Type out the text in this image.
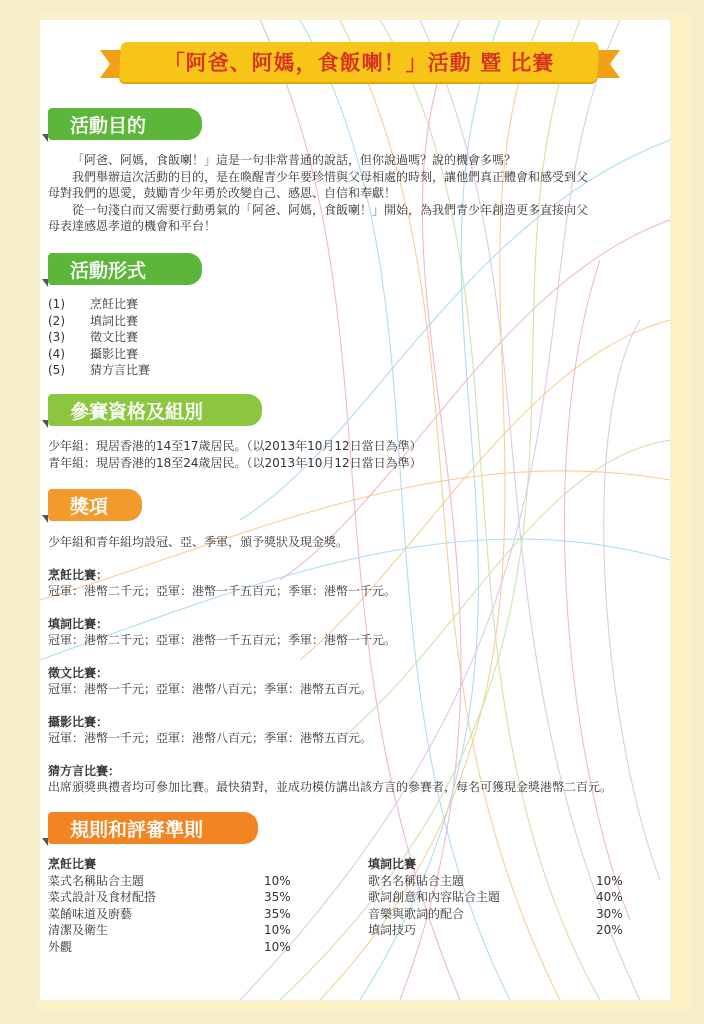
「阿爸、阿媽，食飯喇！」活動 暨 比賽
活動目的
「阿爸、阿媽，食飯喇！」這是一句非常普通的說話，但你說過嗎？說的機會多嗎？
我們舉辦這次活動的目的，是在喚醒青少年要珍惜與父母相處的時刻，讓他們真正體會和感受到父
母對我們的恩愛，鼓勵青少年勇於改變自己、感恩、自信和奉獻！
從一句淺白而又需要行動勇氣的「阿爸、阿媽，食飯喇！」開始，為我們青少年創造更多直接向父
母表達感恩孝道的機會和平台！
活動形式
(1)	烹飪比賽
(2)	填詞比賽
(3)	徵文比賽
(4)	攝影比賽
(5)	猜方言比賽
參賽資格及組別
少年組：現居香港的14至17歲居民。（以2013年10月12日當日為準）
青年組：現居香港的18至24歲居民。（以2013年10月12日當日為準）
獎項
少年組和青年組均設冠、亞、季軍，頒予獎狀及現金獎。
烹飪比賽：
冠軍：港幣二千元；亞軍：港幣一千五百元；季軍：港幣一千元。
填詞比賽：
冠軍：港幣二千元；亞軍：港幣一千五百元；季軍：港幣一千元。
徵文比賽：
冠軍：港幣一千元；亞軍：港幣八百元；季軍：港幣五百元。
攝影比賽：
冠軍：港幣一千元；亞軍：港幣八百元；季軍：港幣五百元。
猜方言比賽：
出席頒獎典禮者均可參加比賽。最快猜對，並成功模仿講出該方言的參賽者，每名可獲現金獎港幣二百元。
規則和評審準則
烹飪比賽
菜式名稱貼合主題	10%
菜式設計及食材配搭	35%
菜餚味道及廚藝	35%
清潔及衛生	10%
外觀	10%
填詞比賽
歌名名稱貼合主題	10%
歌詞創意和內容貼合主題	40%
音樂與歌詞的配合	30%
填詞技巧	20%
